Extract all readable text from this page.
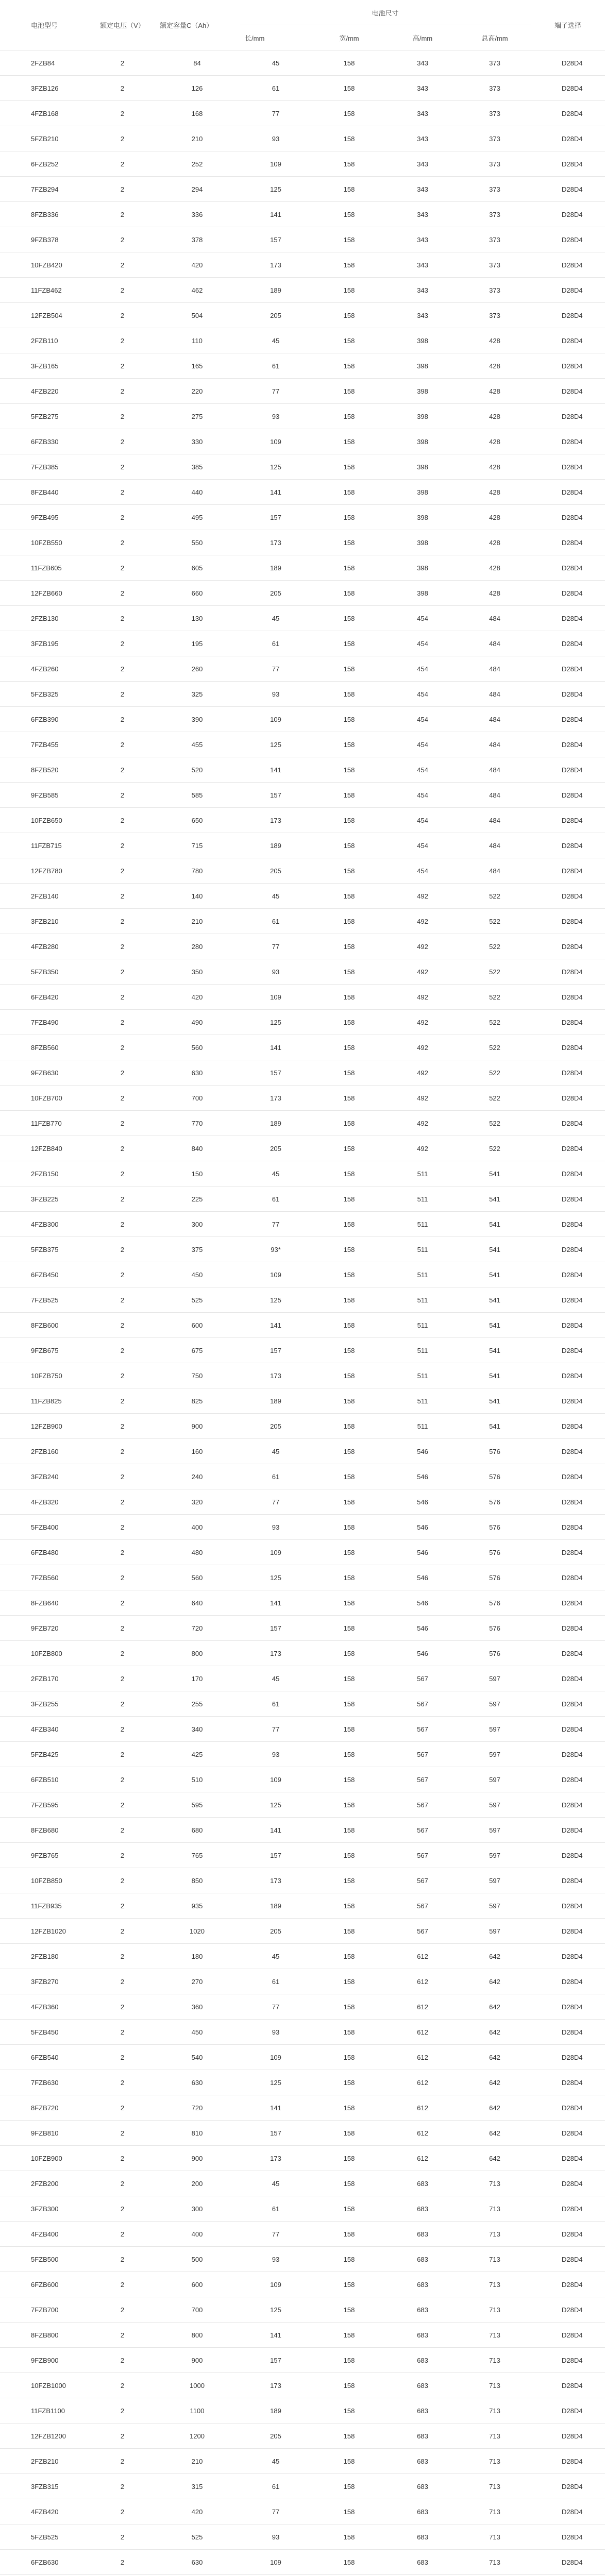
电池型号	额定电压（V）	额定容量C（Ah）	电池尺寸				端子选择
			长/mm	宽/mm	高/mm	总高/mm	
2FZB84	2	84	45	158	343	373	D28D4
3FZB126	2	126	61	158	343	373	D28D4
4FZB168	2	168	77	158	343	373	D28D4
5FZB210	2	210	93	158	343	373	D28D4
6FZB252	2	252	109	158	343	373	D28D4
7FZB294	2	294	125	158	343	373	D28D4
8FZB336	2	336	141	158	343	373	D28D4
9FZB378	2	378	157	158	343	373	D28D4
10FZB420	2	420	173	158	343	373	D28D4
11FZB462	2	462	189	158	343	373	D28D4
12FZB504	2	504	205	158	343	373	D28D4
2FZB110	2	110	45	158	398	428	D28D4
3FZB165	2	165	61	158	398	428	D28D4
4FZB220	2	220	77	158	398	428	D28D4
5FZB275	2	275	93	158	398	428	D28D4
6FZB330	2	330	109	158	398	428	D28D4
7FZB385	2	385	125	158	398	428	D28D4
8FZB440	2	440	141	158	398	428	D28D4
9FZB495	2	495	157	158	398	428	D28D4
10FZB550	2	550	173	158	398	428	D28D4
11FZB605	2	605	189	158	398	428	D28D4
12FZB660	2	660	205	158	398	428	D28D4
2FZB130	2	130	45	158	454	484	D28D4
3FZB195	2	195	61	158	454	484	D28D4
4FZB260	2	260	77	158	454	484	D28D4
5FZB325	2	325	93	158	454	484	D28D4
6FZB390	2	390	109	158	454	484	D28D4
7FZB455	2	455	125	158	454	484	D28D4
8FZB520	2	520	141	158	454	484	D28D4
9FZB585	2	585	157	158	454	484	D28D4
10FZB650	2	650	173	158	454	484	D28D4
11FZB715	2	715	189	158	454	484	D28D4
12FZB780	2	780	205	158	454	484	D28D4
2FZB140	2	140	45	158	492	522	D28D4
3FZB210	2	210	61	158	492	522	D28D4
4FZB280	2	280	77	158	492	522	D28D4
5FZB350	2	350	93	158	492	522	D28D4
6FZB420	2	420	109	158	492	522	D28D4
7FZB490	2	490	125	158	492	522	D28D4
8FZB560	2	560	141	158	492	522	D28D4
9FZB630	2	630	157	158	492	522	D28D4
10FZB700	2	700	173	158	492	522	D28D4
11FZB770	2	770	189	158	492	522	D28D4
12FZB840	2	840	205	158	492	522	D28D4
2FZB150	2	150	45	158	511	541	D28D4
3FZB225	2	225	61	158	511	541	D28D4
4FZB300	2	300	77	158	511	541	D28D4
5FZB375	2	375	93*	158	511	541	D28D4
6FZB450	2	450	109	158	511	541	D28D4
7FZB525	2	525	125	158	511	541	D28D4
8FZB600	2	600	141	158	511	541	D28D4
9FZB675	2	675	157	158	511	541	D28D4
10FZB750	2	750	173	158	511	541	D28D4
11FZB825	2	825	189	158	511	541	D28D4
12FZB900	2	900	205	158	511	541	D28D4
2FZB160	2	160	45	158	546	576	D28D4
3FZB240	2	240	61	158	546	576	D28D4
4FZB320	2	320	77	158	546	576	D28D4
5FZB400	2	400	93	158	546	576	D28D4
6FZB480	2	480	109	158	546	576	D28D4
7FZB560	2	560	125	158	546	576	D28D4
8FZB640	2	640	141	158	546	576	D28D4
9FZB720	2	720	157	158	546	576	D28D4
10FZB800	2	800	173	158	546	576	D28D4
2FZB170	2	170	45	158	567	597	D28D4
3FZB255	2	255	61	158	567	597	D28D4
4FZB340	2	340	77	158	567	597	D28D4
5FZB425	2	425	93	158	567	597	D28D4
6FZB510	2	510	109	158	567	597	D28D4
7FZB595	2	595	125	158	567	597	D28D4
8FZB680	2	680	141	158	567	597	D28D4
9FZB765	2	765	157	158	567	597	D28D4
10FZB850	2	850	173	158	567	597	D28D4
11FZB935	2	935	189	158	567	597	D28D4
12FZB1020	2	1020	205	158	567	597	D28D4
2FZB180	2	180	45	158	612	642	D28D4
3FZB270	2	270	61	158	612	642	D28D4
4FZB360	2	360	77	158	612	642	D28D4
5FZB450	2	450	93	158	612	642	D28D4
6FZB540	2	540	109	158	612	642	D28D4
7FZB630	2	630	125	158	612	642	D28D4
8FZB720	2	720	141	158	612	642	D28D4
9FZB810	2	810	157	158	612	642	D28D4
10FZB900	2	900	173	158	612	642	D28D4
2FZB200	2	200	45	158	683	713	D28D4
3FZB300	2	300	61	158	683	713	D28D4
4FZB400	2	400	77	158	683	713	D28D4
5FZB500	2	500	93	158	683	713	D28D4
6FZB600	2	600	109	158	683	713	D28D4
7FZB700	2	700	125	158	683	713	D28D4
8FZB800	2	800	141	158	683	713	D28D4
9FZB900	2	900	157	158	683	713	D28D4
10FZB1000	2	1000	173	158	683	713	D28D4
11FZB1100	2	1100	189	158	683	713	D28D4
12FZB1200	2	1200	205	158	683	713	D28D4
2FZB210	2	210	45	158	683	713	D28D4
3FZB315	2	315	61	158	683	713	D28D4
4FZB420	2	420	77	158	683	713	D28D4
5FZB525	2	525	93	158	683	713	D28D4
6FZB630	2	630	109	158	683	713	D28D4
